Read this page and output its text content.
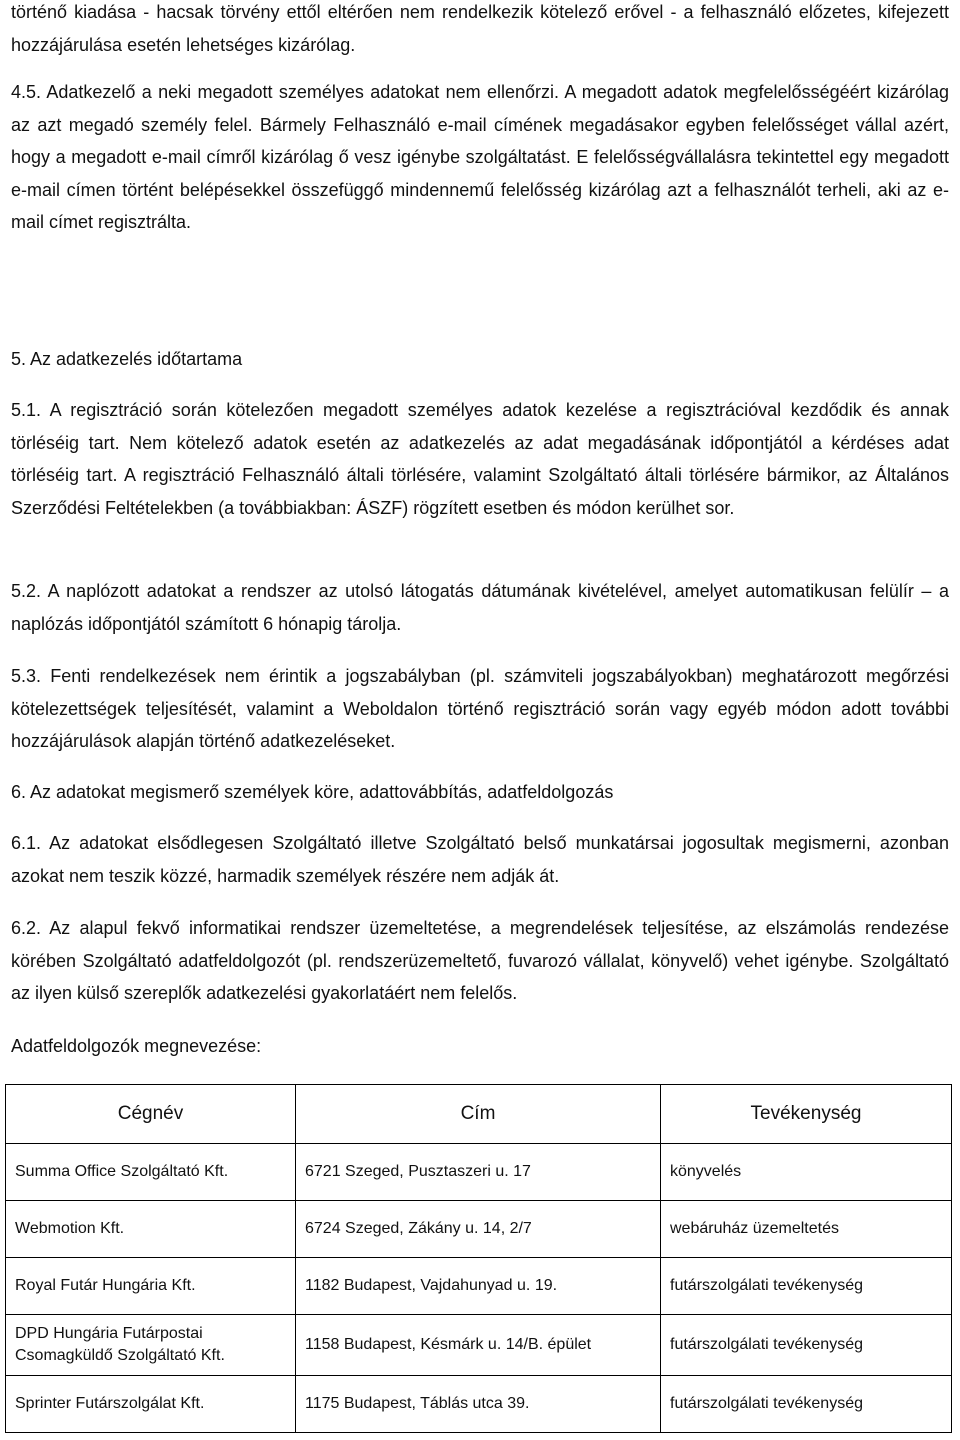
történő kiadása - hacsak törvény ettől eltérően nem rendelkezik kötelező erővel - a felhasználó előzetes, kifejezett hozzájárulása esetén lehetséges kizárólag.

4.5. Adatkezelő a neki megadott személyes adatokat nem ellenőrzi. A megadott adatok megfelelősségéért kizárólag az azt megadó személy felel. Bármely Felhasználó e-mail címének megadásakor egyben felelősséget vállal azért, hogy a megadott e-mail címről kizárólag ő vesz igénybe szolgáltatást. E felelősségvállalásra tekintettel egy megadott e-mail címen történt belépésekkel összefüggő mindennemű felelősség kizárólag azt a felhasználót terheli, aki az e-mail címet regisztrálta.

5. Az adatkezelés időtartama

5.1. A regisztráció során kötelezően megadott személyes adatok kezelése a regisztrációval kezdődik és annak törléséig tart. Nem kötelező adatok esetén az adatkezelés az adat megadásának időpontjától a kérdéses adat törléséig tart. A regisztráció Felhasználó általi törlésére, valamint Szolgáltató általi törlésére bármikor, az Általános Szerződési Feltételekben (a továbbiakban: ÁSZF) rögzített esetben és módon kerülhet sor.

5.2. A naplózott adatokat a rendszer az utolsó látogatás dátumának kivételével, amelyet automatikusan felülír – a naplózás időpontjától számított 6 hónapig tárolja.

5.3. Fenti rendelkezések nem érintik a jogszabályban (pl. számviteli jogszabályokban) meghatározott megőrzési kötelezettségek teljesítését, valamint a Weboldalon történő regisztráció során vagy egyéb módon adott további hozzájárulások alapján történő adatkezeléseket.

6. Az adatokat megismerő személyek köre, adattovábbítás, adatfeldolgozás

6.1. Az adatokat elsődlegesen Szolgáltató illetve Szolgáltató belső munkatársai jogosultak megismerni, azonban azokat nem teszik közzé, harmadik személyek részére nem adják át.

6.2. Az alapul fekvő informatikai rendszer üzemeltetése, a megrendelések teljesítése, az elszámolás rendezése körében Szolgáltató adatfeldolgozót (pl. rendszerüzemeltető, fuvarozó vállalat, könyvelő) vehet igénybe. Szolgáltató az ilyen külső szereplők adatkezelési gyakorlatáért nem felelős.

Adatfeldolgozók megnevezése:

Cégnév	Cím	Tevékenység
Summa Office Szolgáltató Kft.	6721 Szeged, Pusztaszeri u. 17	könyvelés
Webmotion Kft.	6724 Szeged, Zákány u. 14, 2/7	webáruház üzemeltetés
Royal Futár Hungária Kft.	1182 Budapest, Vajdahunyad u. 19.	futárszolgálati tevékenység
DPD Hungária Futárpostai Csomagküldő Szolgáltató Kft.	1158 Budapest, Késmárk u. 14/B. épület	futárszolgálati tevékenység
Sprinter Futárszolgálat Kft.	1175 Budapest, Táblás utca 39.	futárszolgálati tevékenység
